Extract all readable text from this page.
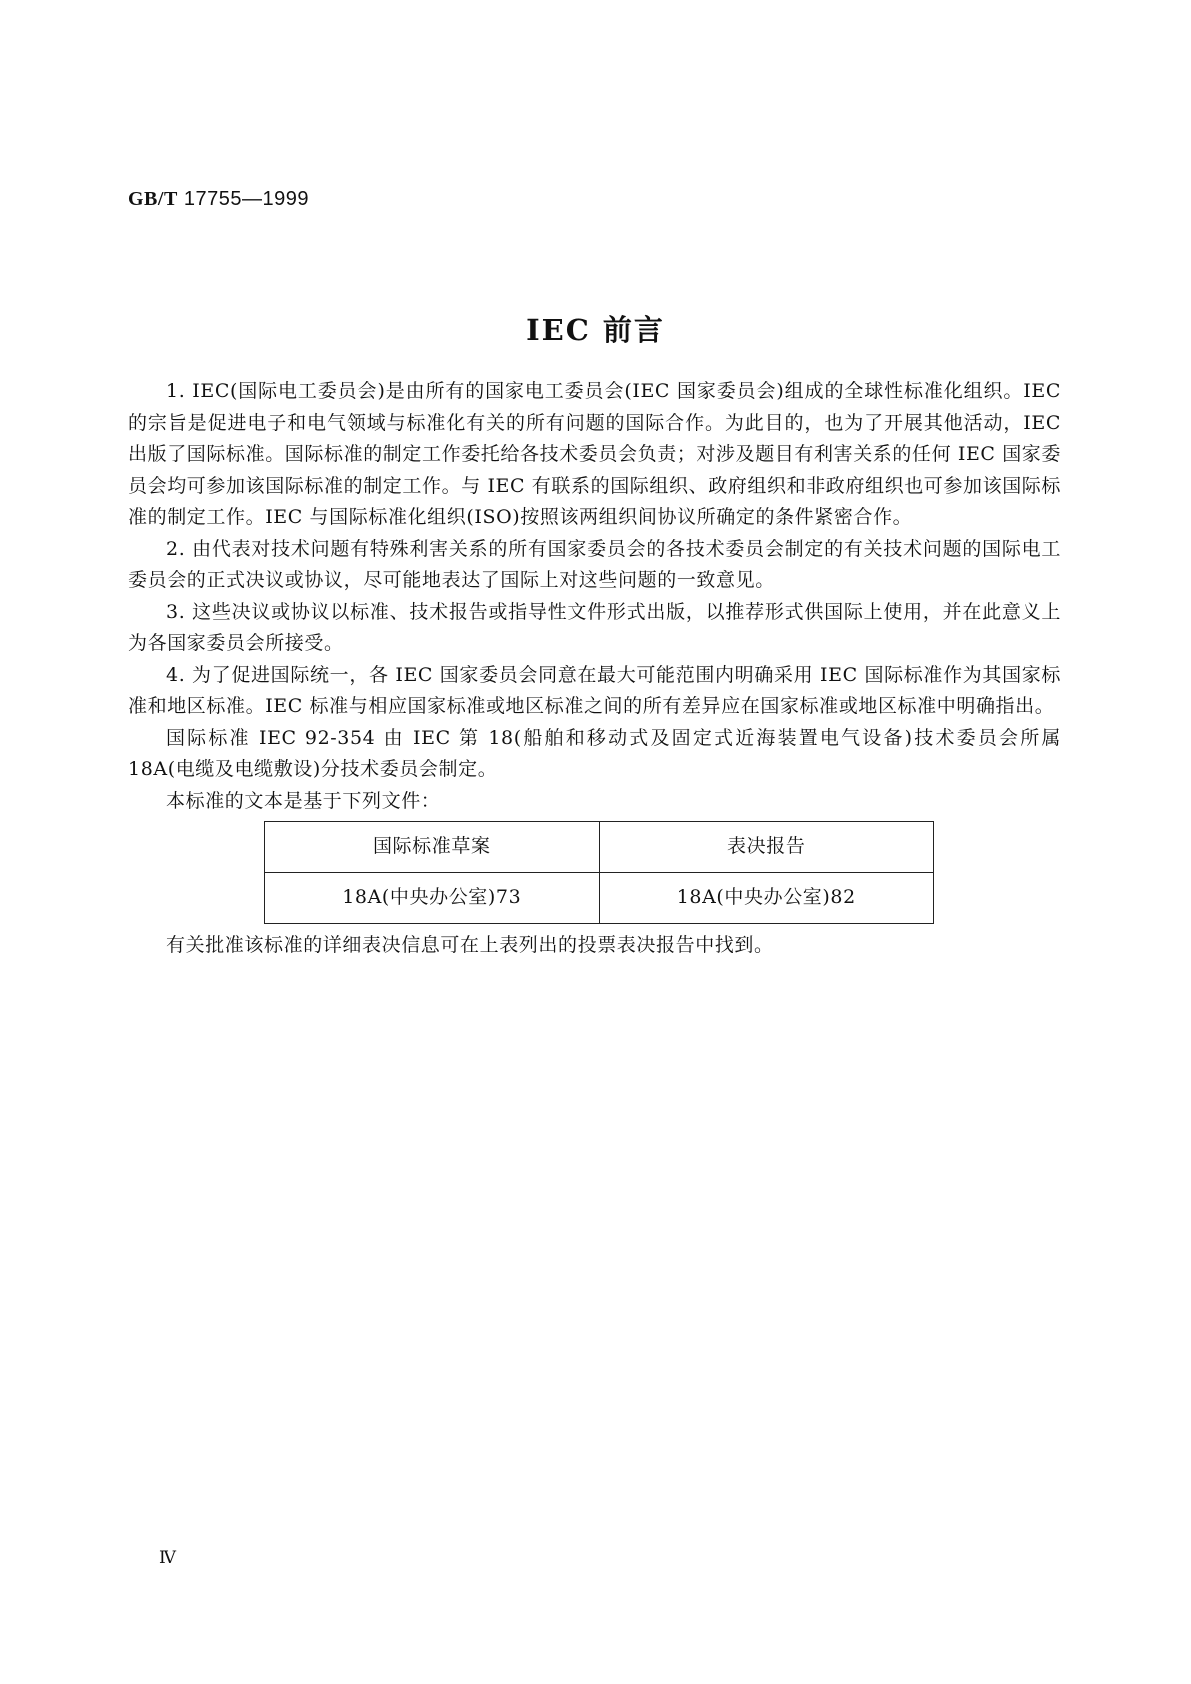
GB/T 17755—1999
IEC 前言

1. IEC(国际电工委员会)是由所有的国家电工委员会(IEC 国家委员会)组成的全球性标准化组织。IEC 的宗旨是促进电子和电气领域与标准化有关的所有问题的国际合作。为此目的，也为了开展其他活动，IEC 出版了国际标准。国际标准的制定工作委托给各技术委员会负责；对涉及题目有利害关系的任何 IEC 国家委员会均可参加该国际标准的制定工作。与 IEC 有联系的国际组织、政府组织和非政府组织也可参加该国际标准的制定工作。IEC 与国际标准化组织(ISO)按照该两组织间协议所确定的条件紧密合作。

2. 由代表对技术问题有特殊利害关系的所有国家委员会的各技术委员会制定的有关技术问题的国际电工委员会的正式决议或协议，尽可能地表达了国际上对这些问题的一致意见。

3. 这些决议或协议以标准、技术报告或指导性文件形式出版，以推荐形式供国际上使用，并在此意义上为各国家委员会所接受。

4. 为了促进国际统一，各 IEC 国家委员会同意在最大可能范围内明确采用 IEC 国际标准作为其国家标准和地区标准。IEC 标准与相应国家标准或地区标准之间的所有差异应在国家标准或地区标准中明确指出。

国际标准 IEC 92-354 由 IEC 第 18(船舶和移动式及固定式近海装置电气设备)技术委员会所属 18A(电缆及电缆敷设)分技术委员会制定。

本标准的文本是基于下列文件：

国际标准草案	表决报告
18A(中央办公室)73	18A(中央办公室)82

有关批准该标准的详细表决信息可在上表列出的投票表决报告中找到。

Ⅳ
